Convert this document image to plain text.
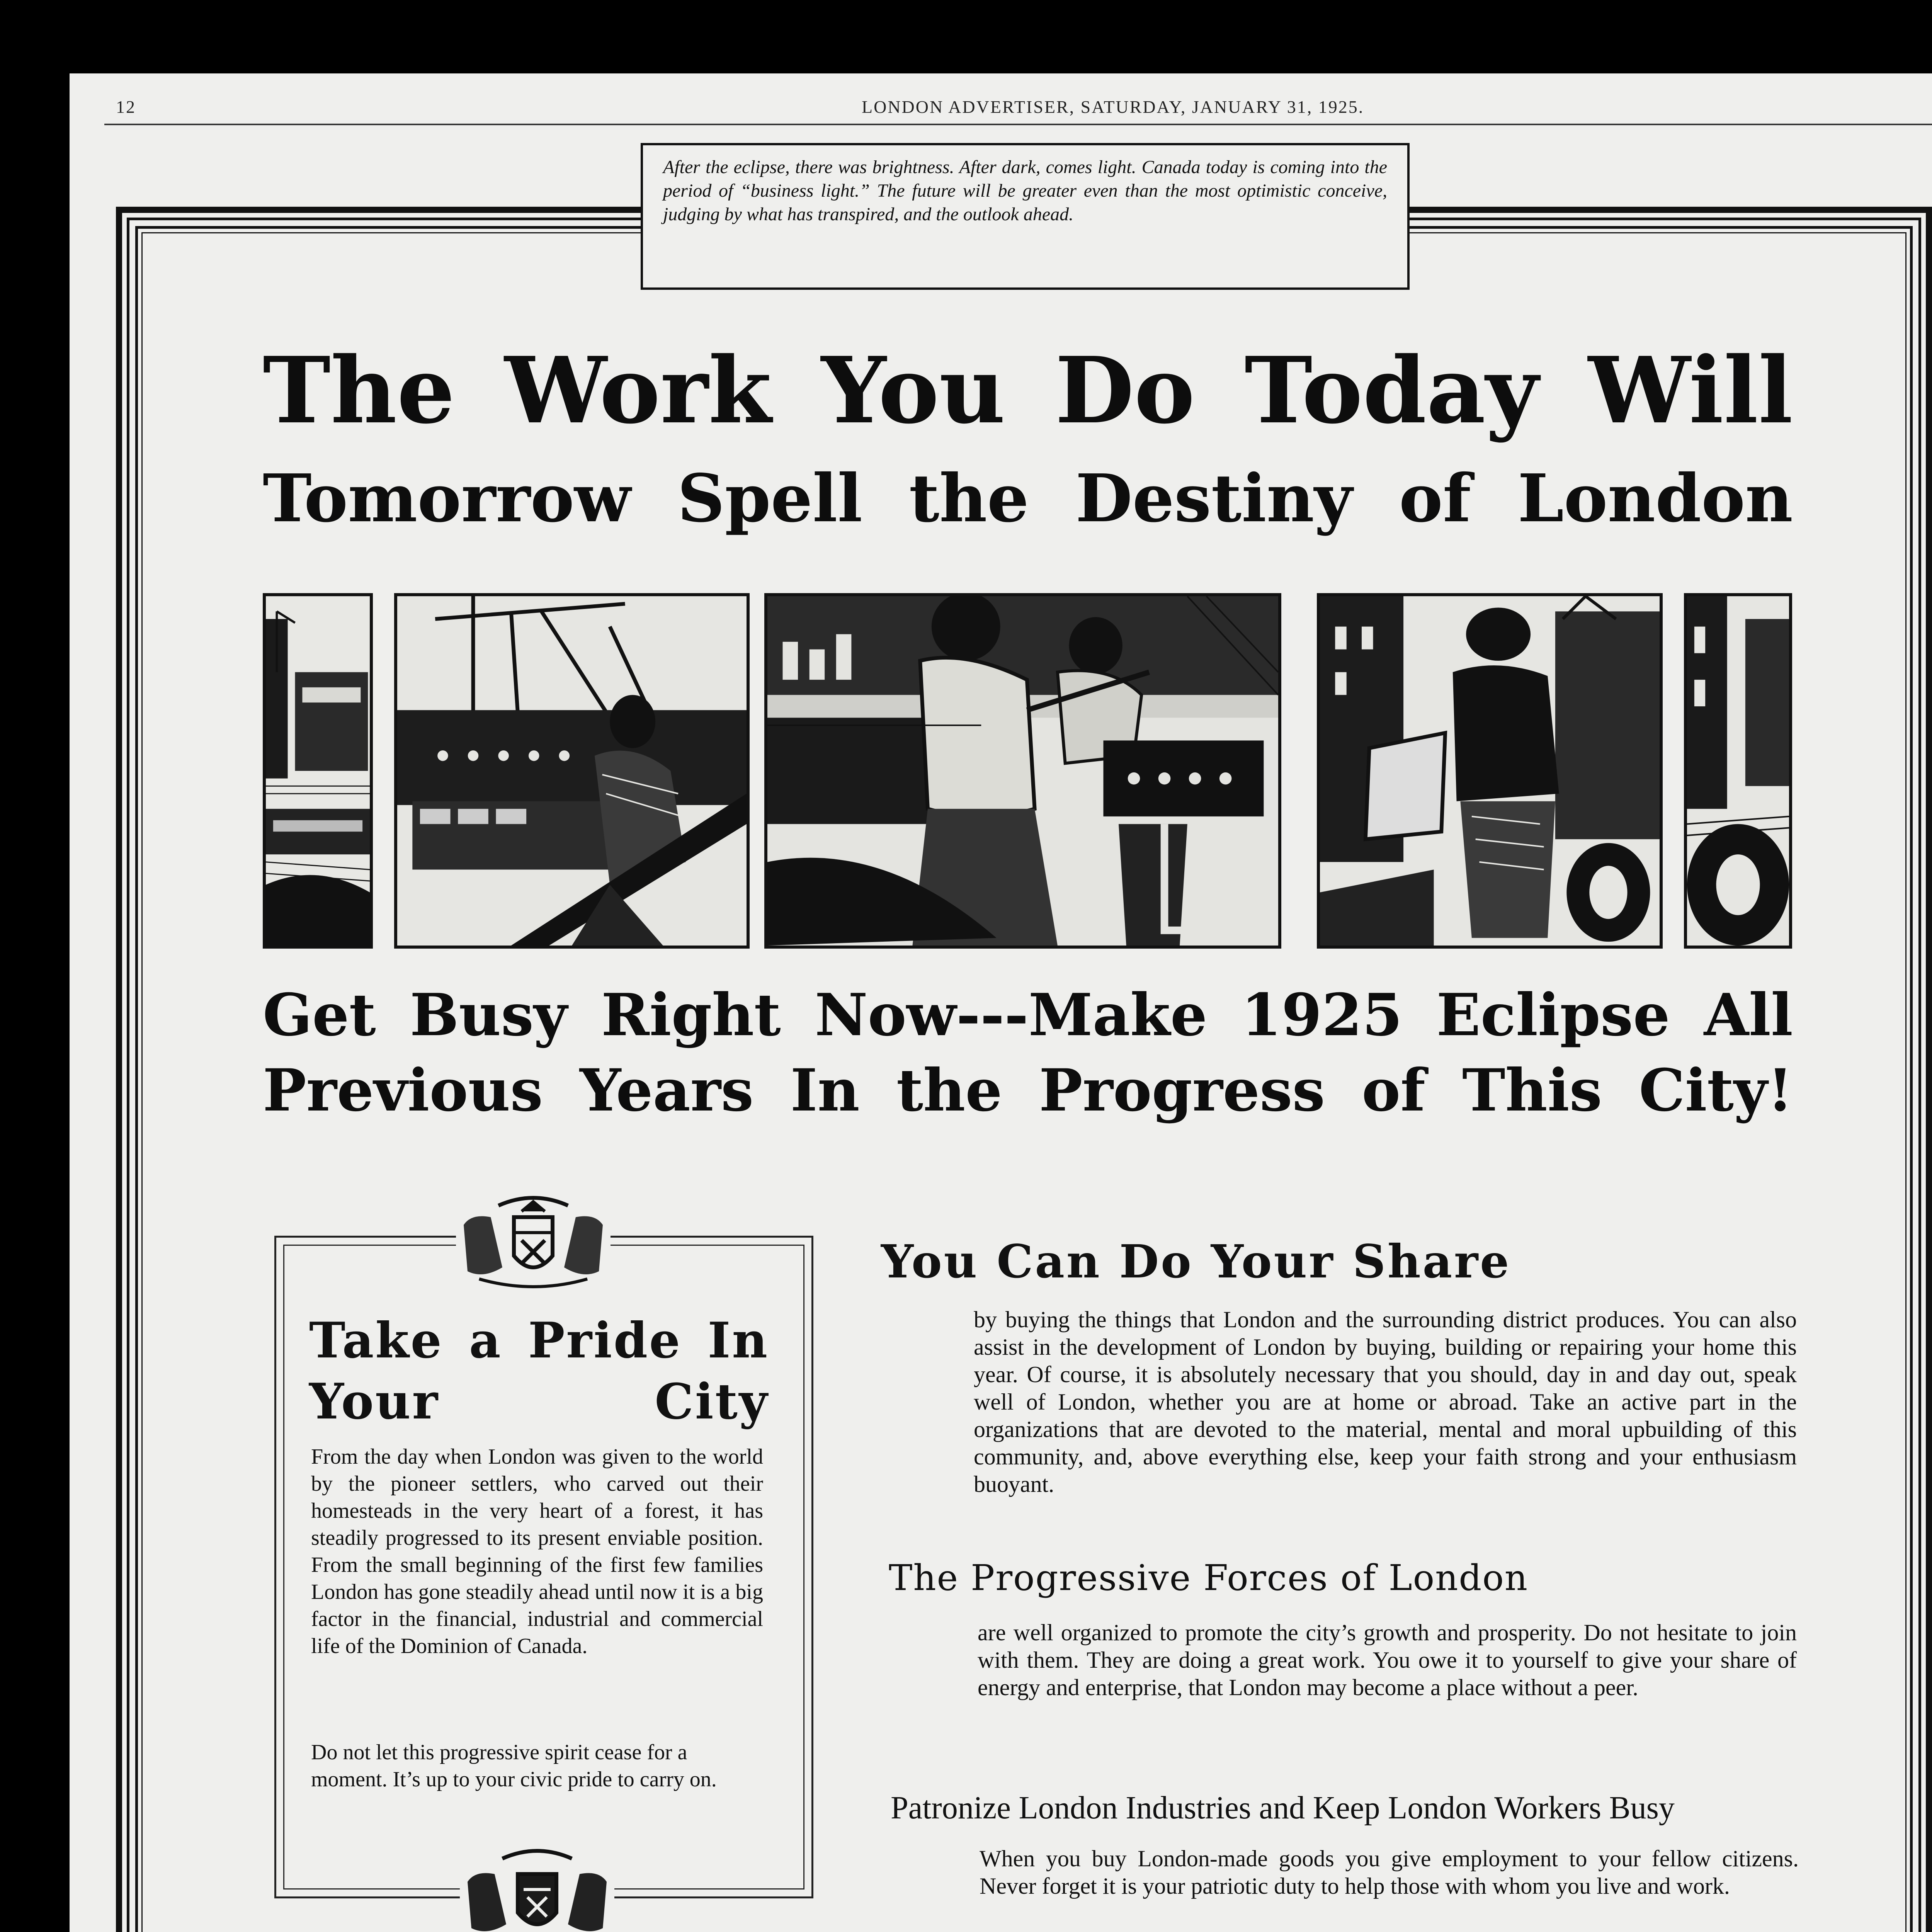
12	LONDON ADVERTISER, SATURDAY, JANUARY 31, 1925.
After the eclipse, there was brightness. After dark, comes light. Canada today is coming into the period of “business light.” The future will be greater even than the most optimistic conceive, judging by what has transpired, and the outlook ahead.
The Work You Do Today Will
Tomorrow Spell the Destiny of London
Get Busy Right Now---Make 1925 Eclipse All
Previous Years In the Progress of This City!
Take a Pride In Your City
From the day when London was given to the world by the pioneer settlers, who carved out their homesteads in the very heart of a forest, it has steadily progressed to its present enviable position. From the small beginning of the first few families London has gone steadily ahead until now it is a big factor in the financial, industrial and commercial life of the Dominion of Canada.
Do not let this progressive spirit cease for a moment. It’s up to your civic pride to carry on.
You Can Do Your Share
by buying the things that London and the surrounding district produces. You can also assist in the development of London by buying, building or repairing your home this year. Of course, it is absolutely necessary that you should, day in and day out, speak well of London, whether you are at home or abroad. Take an active part in the organizations that are devoted to the material, mental and moral upbuilding of this community, and, above everything else, keep your faith strong and your enthusiasm buoyant.
The Progressive Forces of London
are well organized to promote the city’s growth and prosperity. Do not hesitate to join with them. They are doing a great work. You owe it to yourself to give your share of energy and enterprise, that London may become a place without a peer.
Patronize London Industries and Keep London Workers Busy
When you buy London-made goods you give employment to your fellow citizens. Never forget it is your patriotic duty to help those with whom you live and work.
